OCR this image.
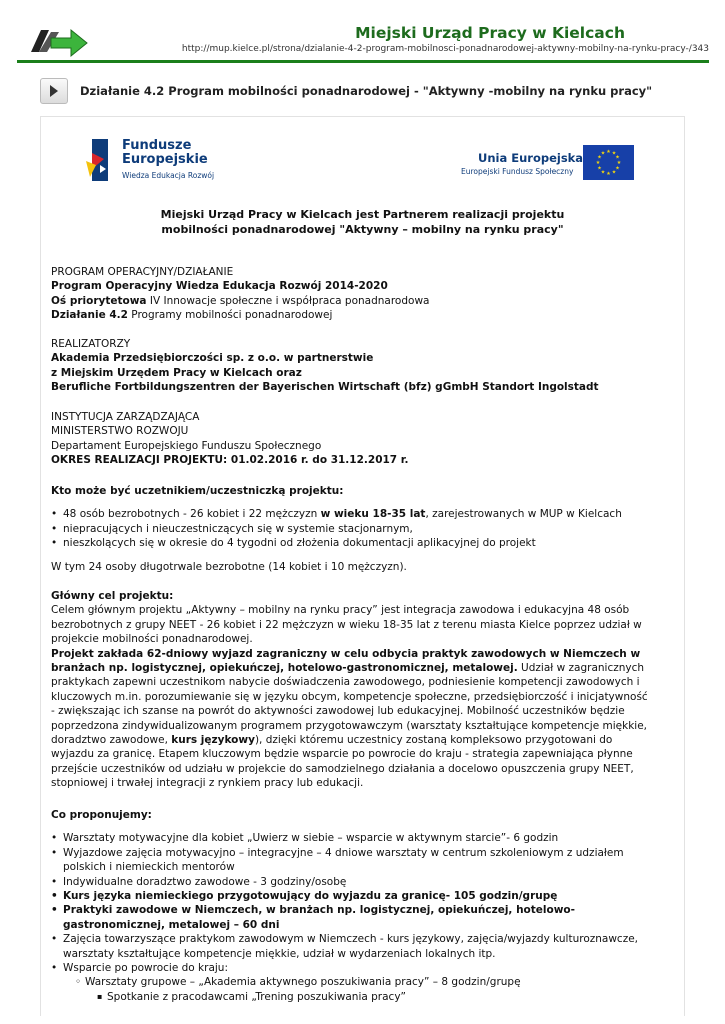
Miejski Urząd Pracy w Kielcach
http://mup.kielce.pl/strona/dzialanie-4-2-program-mobilnosci-ponadnarodowej-aktywny-mobilny-na-rynku-pracy-/343
Działanie 4.2 Program mobilności ponadnarodowej - "Aktywny -mobilny na rynku pracy"
Fundusze
Europejskie
Wiedza Edukacja Rozwój
Unia Europejska
Europejski Fundusz Społeczny
★ ★
★
★
★
★
★
★
★
★
★
★
Miejski Urząd Pracy w Kielcach jest Partnerem realizacji projektu
mobilności ponadnarodowej "Aktywny – mobilny na rynku pracy"

PROGRAM OPERACYJNY/DZIAŁANIE

Program Operacyjny Wiedza Edukacja Rozwój 2014-2020

Oś priorytetowa IV Innowacje społeczne i współpraca ponadnarodowa

Działanie 4.2 Programy mobilności ponadnarodowej

REALIZATORZY

Akademia Przedsiębiorczości sp. z o.o. w partnerstwie

z Miejskim Urzędem Pracy w Kielcach oraz

Berufliche Fortbildungszentren der Bayerischen Wirtschaft (bfz) gGmbH Standort Ingolstadt

INSTYTUCJA ZARZĄDZAJĄCA

MINISTERSTWO ROZWOJU

Departament Europejskiego Funduszu Społecznego

OKRES REALIZACJI PROJEKTU: 01.02.2016 r. do 31.12.2017 r.

Kto może być uczetnikiem/uczestniczką projektu:

• 48 osób bezrobotnych - 26 kobiet i 22 mężczyzn w wieku 18-35 lat, zarejestrowanych w MUP w Kielcach
• niepracujących i nieuczestniczących się w systemie stacjonarnym,
• nieszkolących się w okresie do 4 tygodni od złożenia dokumentacji aplikacyjnej do projekt

W tym 24 osoby długotrwale bezrobotne (14 kobiet i 10 mężczyzn).

Główny cel projektu:

Celem głównym projektu „Aktywny – mobilny na rynku pracy” jest integracja zawodowa i edukacyjna 48 osób bezrobotnych z grupy NEET - 26 kobiet i 22 mężczyzn w wieku 18-35 lat z terenu miasta Kielce poprzez udział w projekcie mobilności ponadnarodowej.

Projekt zakłada 62-dniowy wyjazd zagraniczny w celu odbycia praktyk zawodowych w Niemczech w branżach np. logistycznej, opiekuńczej, hotelowo-gastronomicznej, metalowej. Udział w zagranicznych praktykach zapewni uczestnikom nabycie doświadczenia zawodowego, podniesienie kompetencji zawodowych i kluczowych m.in. porozumiewanie się w języku obcym, kompetencje społeczne, przedsiębiorczość i inicjatywność - zwiększając ich szanse na powrót do aktywności zawodowej lub edukacyjnej. Mobilność uczestników będzie poprzedzona zindywidualizowanym programem przygotowawczym (warsztaty kształtujące kompetencje miękkie, doradztwo zawodowe, kurs językowy), dzięki któremu uczestnicy zostaną kompleksowo przygotowani do wyjazdu za granicę. Etapem kluczowym będzie wsparcie po powrocie do kraju - strategia zapewniająca płynne przejście uczestników od udziału w projekcie do samodzielnego działania a docelowo opuszczenia grupy NEET, stopniowej i trwałej integracji z rynkiem pracy lub edukacji.

Co proponujemy:

• Warsztaty motywacyjne dla kobiet „Uwierz w siebie – wsparcie w aktywnym starcie”- 6 godzin
• Wyjazdowe zajęcia motywacyjno – integracyjne – 4 dniowe warsztaty w centrum szkoleniowym z udziałem polskich i niemieckich mentorów
• Indywidualne doradztwo zawodowe - 3 godziny/osobę
• Kurs języka niemieckiego przygotowujący do wyjazdu za granicę- 105 godzin/grupę
• Praktyki zawodowe w Niemczech, w branżach np. logistycznej, opiekuńczej, hotelowo-gastronomicznej, metalowej – 60 dni
• Zajęcia towarzyszące praktykom zawodowym w Niemczech - kurs językowy, zajęcia/wyjazdy kulturoznawcze, warsztaty kształtujące kompetencje miękkie, udział w wydarzeniach lokalnych itp.
• Wsparcie po powrocie do kraju:
◦ Warsztaty grupowe – „Akademia aktywnego poszukiwania pracy” – 8 godzin/grupę
▪ Spotkanie z pracodawcami „Trening poszukiwania pracy”
